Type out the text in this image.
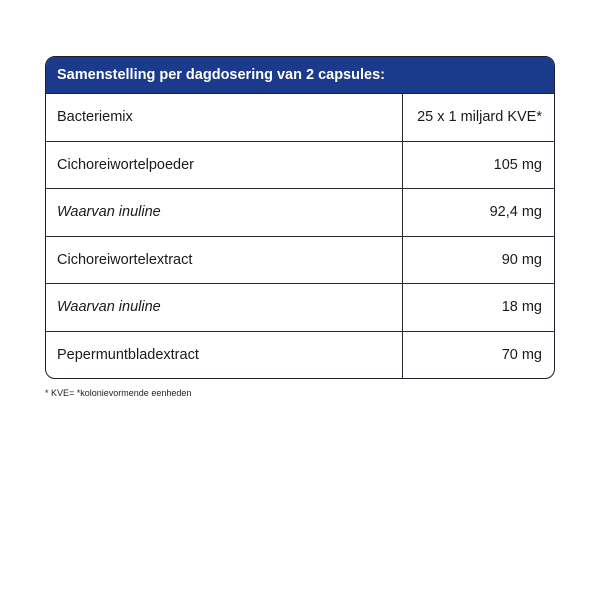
Samenstelling per dagdosering van 2 capsules:
Bacteriemix	25 x 1 miljard KVE*
Cichoreiwortelpoeder	105 mg
Waarvan inuline	92,4 mg
Cichoreiwortelextract	90 mg
Waarvan inuline	18 mg
Pepermuntbladextract	70 mg
* KVE= *kolonievormende eenheden
